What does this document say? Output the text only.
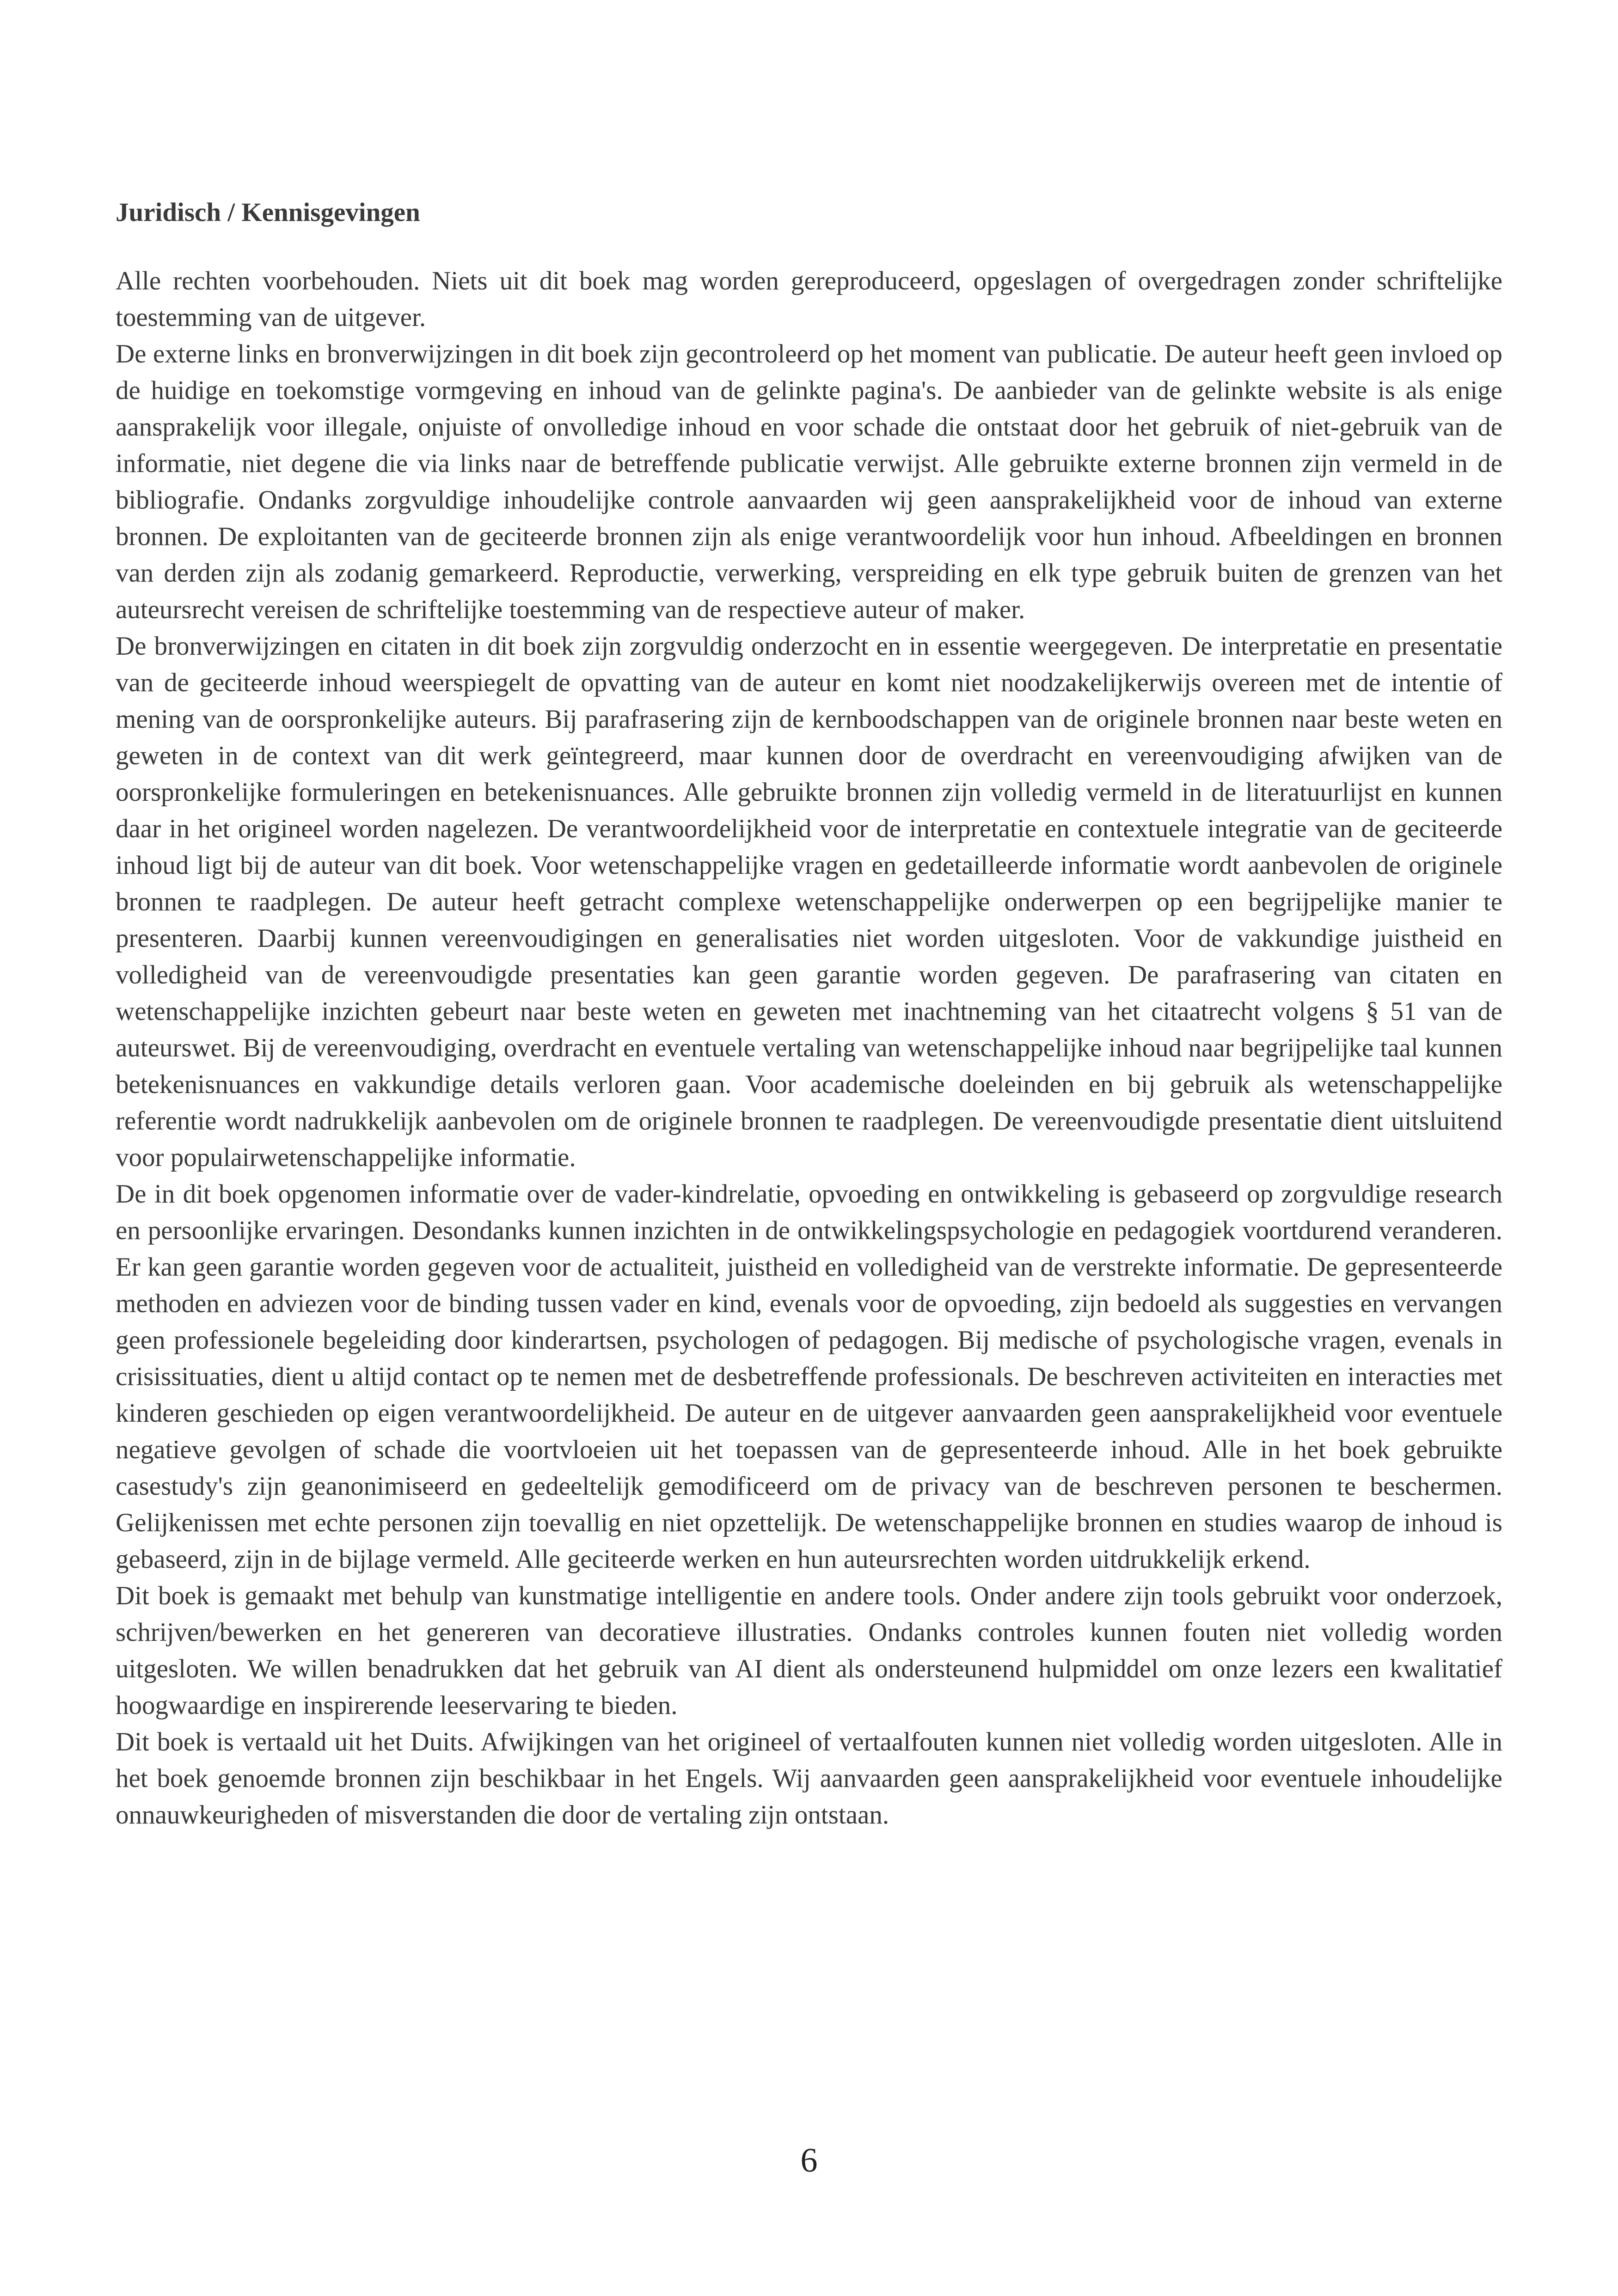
Juridisch / Kennisgevingen

Alle rechten voorbehouden. Niets uit dit boek mag worden gereproduceerd, opgeslagen of overgedragen zonder schriftelijke toestemming van de uitgever.

De externe links en bronverwijzingen in dit boek zijn gecontroleerd op het moment van publicatie. De auteur heeft geen invloed op de huidige en toekomstige vormgeving en inhoud van de gelinkte pagina's. De aanbieder van de gelinkte website is als enige aansprakelijk voor illegale, onjuiste of onvolledige inhoud en voor schade die ontstaat door het gebruik of niet-gebruik van de informatie, niet degene die via links naar de betreffende publicatie verwijst. Alle gebruikte externe bronnen zijn vermeld in de bibliografie. Ondanks zorgvuldige inhoudelijke controle aanvaarden wij geen aansprakelijkheid voor de inhoud van externe bronnen. De exploitanten van de geciteerde bronnen zijn als enige verantwoordelijk voor hun inhoud. Afbeeldingen en bronnen van derden zijn als zodanig gemarkeerd. Reproductie, verwerking, verspreiding en elk type gebruik buiten de grenzen van het auteursrecht vereisen de schriftelijke toestemming van de respectieve auteur of maker.

De bronverwijzingen en citaten in dit boek zijn zorgvuldig onderzocht en in essentie weergegeven. De interpretatie en presentatie van de geciteerde inhoud weerspiegelt de opvatting van de auteur en komt niet noodzakelijkerwijs overeen met de intentie of mening van de oorspronkelijke auteurs. Bij parafrasering zijn de kernboodschappen van de originele bronnen naar beste weten en geweten in de context van dit werk geïntegreerd, maar kunnen door de overdracht en vereenvoudiging afwijken van de oorspronkelijke formuleringen en betekenisnuances. Alle gebruikte bronnen zijn volledig vermeld in de literatuurlijst en kunnen daar in het origineel worden nagelezen. De verantwoordelijkheid voor de interpretatie en contextuele integratie van de geciteerde inhoud ligt bij de auteur van dit boek. Voor wetenschappelijke vragen en gedetailleerde informatie wordt aanbevolen de originele bronnen te raadplegen. De auteur heeft getracht complexe wetenschappelijke onderwerpen op een begrijpelijke manier te presenteren. Daarbij kunnen vereenvoudigingen en generalisaties niet worden uitgesloten. Voor de vakkundige juistheid en volledigheid van de vereenvoudigde presentaties kan geen garantie worden gegeven. De parafrasering van citaten en wetenschappelijke inzichten gebeurt naar beste weten en geweten met inachtneming van het citaatrecht volgens § 51 van de auteurswet. Bij de vereenvoudiging, overdracht en eventuele vertaling van wetenschappelijke inhoud naar begrijpelijke taal kunnen betekenisnuances en vakkundige details verloren gaan. Voor academische doeleinden en bij gebruik als wetenschappelijke referentie wordt nadrukkelijk aanbevolen om de originele bronnen te raadplegen. De vereenvoudigde presentatie dient uitsluitend voor populairwetenschappelijke informatie.

De in dit boek opgenomen informatie over de vader-kindrelatie, opvoeding en ontwikkeling is gebaseerd op zorgvuldige research en persoonlijke ervaringen. Desondanks kunnen inzichten in de ontwikkelingspsychologie en pedagogiek voortdurend veranderen. Er kan geen garantie worden gegeven voor de actualiteit, juistheid en volledigheid van de verstrekte informatie. De gepresenteerde methoden en adviezen voor de binding tussen vader en kind, evenals voor de opvoeding, zijn bedoeld als suggesties en vervangen geen professionele begeleiding door kinderartsen, psychologen of pedagogen. Bij medische of psychologische vragen, evenals in crisissituaties, dient u altijd contact op te nemen met de desbetreffende professionals. De beschreven activiteiten en interacties met kinderen geschieden op eigen verantwoordelijkheid. De auteur en de uitgever aanvaarden geen aansprakelijkheid voor eventuele negatieve gevolgen of schade die voortvloeien uit het toepassen van de gepresenteerde inhoud. Alle in het boek gebruikte casestudy's zijn geanonimiseerd en gedeeltelijk gemodificeerd om de privacy van de beschreven personen te beschermen. Gelijkenissen met echte personen zijn toevallig en niet opzettelijk. De wetenschappelijke bronnen en studies waarop de inhoud is gebaseerd, zijn in de bijlage vermeld. Alle geciteerde werken en hun auteursrechten worden uitdrukkelijk erkend.

Dit boek is gemaakt met behulp van kunstmatige intelligentie en andere tools. Onder andere zijn tools gebruikt voor onderzoek, schrijven/bewerken en het genereren van decoratieve illustraties. Ondanks controles kunnen fouten niet volledig worden uitgesloten. We willen benadrukken dat het gebruik van AI dient als ondersteunend hulpmiddel om onze lezers een kwalitatief hoogwaardige en inspirerende leeservaring te bieden.

Dit boek is vertaald uit het Duits. Afwijkingen van het origineel of vertaalfouten kunnen niet volledig worden uitgesloten. Alle in het boek genoemde bronnen zijn beschikbaar in het Engels. Wij aanvaarden geen aansprakelijkheid voor eventuele inhoudelijke onnauwkeurigheden of misverstanden die door de vertaling zijn ontstaan.

6
